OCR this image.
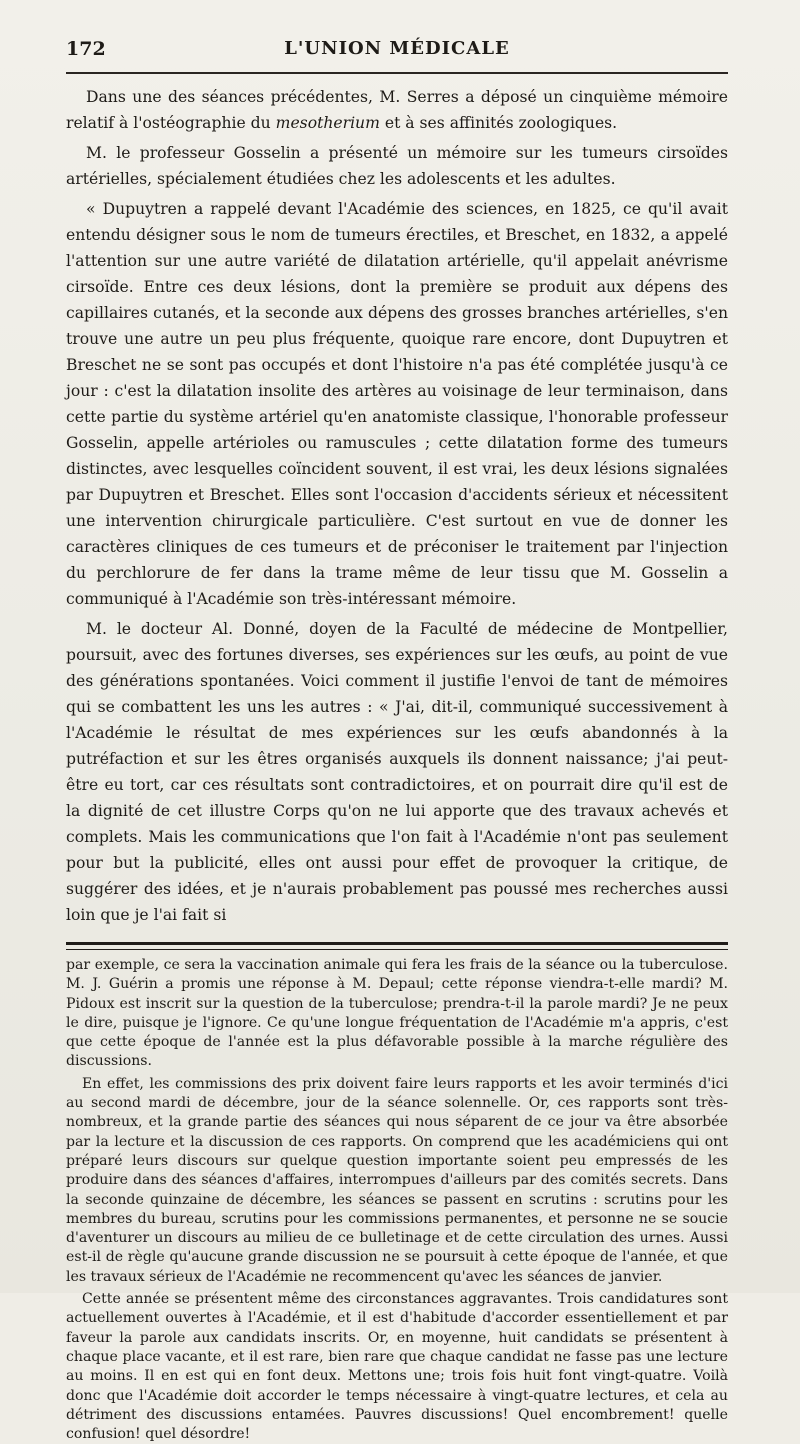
172	L'UNION MÉDICALE

Dans une des séances précédentes, M. Serres a déposé un cinquième mémoire relatif à l'ostéographie du mesotherium et à ses affinités zoologiques.

M. le professeur Gosselin a présenté un mémoire sur les tumeurs cirsoïdes artérielles, spécialement étudiées chez les adolescents et les adultes.

« Dupuytren a rappelé devant l'Académie des sciences, en 1825, ce qu'il avait entendu désigner sous le nom de tumeurs érectiles, et Breschet, en 1832, a appelé l'attention sur une autre variété de dilatation artérielle, qu'il appelait anévrisme cirsoïde. Entre ces deux lésions, dont la première se produit aux dépens des capillaires cutanés, et la seconde aux dépens des grosses branches artérielles, s'en trouve une autre un peu plus fréquente, quoique rare encore, dont Dupuytren et Breschet ne se sont pas occupés et dont l'histoire n'a pas été complétée jusqu'à ce jour : c'est la dilatation insolite des artères au voisinage de leur terminaison, dans cette partie du système artériel qu'en anatomiste classique, l'honorable professeur Gosselin, appelle artérioles ou ramuscules ; cette dilatation forme des tumeurs distinctes, avec lesquelles coïncident souvent, il est vrai, les deux lésions signalées par Dupuytren et Breschet. Elles sont l'occasion d'accidents sérieux et nécessitent une intervention chirurgicale particulière. C'est surtout en vue de donner les caractères cliniques de ces tumeurs et de préconiser le traitement par l'injection du perchlorure de fer dans la trame même de leur tissu que M. Gosselin a communiqué à l'Académie son très-intéressant mémoire.

M. le docteur Al. Donné, doyen de la Faculté de médecine de Montpellier, poursuit, avec des fortunes diverses, ses expériences sur les œufs, au point de vue des générations spontanées. Voici comment il justifie l'envoi de tant de mémoires qui se combattent les uns les autres : « J'ai, dit-il, communiqué successivement à l'Académie le résultat de mes expériences sur les œufs abandonnés à la putréfaction et sur les êtres organisés auxquels ils donnent naissance; j'ai peut-être eu tort, car ces résultats sont contradictoires, et on pourrait dire qu'il est de la dignité de cet illustre Corps qu'on ne lui apporte que des travaux achevés et complets. Mais les communications que l'on fait à l'Académie n'ont pas seulement pour but la publicité, elles ont aussi pour effet de provoquer la critique, de suggérer des idées, et je n'aurais probablement pas poussé mes recherches aussi loin que je l'ai fait si

par exemple, ce sera la vaccination animale qui fera les frais de la séance ou la tuberculose. M. J. Guérin a promis une réponse à M. Depaul; cette réponse viendra-t-elle mardi? M. Pidoux est inscrit sur la question de la tuberculose; prendra-t-il la parole mardi? Je ne peux le dire, puisque je l'ignore. Ce qu'une longue fréquentation de l'Académie m'a appris, c'est que cette époque de l'année est la plus défavorable possible à la marche régulière des discussions.

En effet, les commissions des prix doivent faire leurs rapports et les avoir terminés d'ici au second mardi de décembre, jour de la séance solennelle. Or, ces rapports sont très-nombreux, et la grande partie des séances qui nous séparent de ce jour va être absorbée par la lecture et la discussion de ces rapports. On comprend que les académiciens qui ont préparé leurs discours sur quelque question importante soient peu empressés de les produire dans des séances d'affaires, interrompues d'ailleurs par des comités secrets. Dans la seconde quinzaine de décembre, les séances se passent en scrutins : scrutins pour les membres du bureau, scrutins pour les commissions permanentes, et personne ne se soucie d'aventurer un discours au milieu de ce bulletinage et de cette circulation des urnes. Aussi est-il de règle qu'aucune grande discussion ne se poursuit à cette époque de l'année, et que les travaux sérieux de l'Académie ne recommencent qu'avec les séances de janvier.

Cette année se présentent même des circonstances aggravantes. Trois candidatures sont actuellement ouvertes à l'Académie, et il est d'habitude d'accorder essentiellement et par faveur la parole aux candidats inscrits. Or, en moyenne, huit candidats se présentent à chaque place vacante, et il est rare, bien rare que chaque candidat ne fasse pas une lecture au moins. Il en est qui en font deux. Mettons une; trois fois huit font vingt-quatre. Voilà donc que l'Académie doit accorder le temps nécessaire à vingt-quatre lectures, et cela au détriment des discussions entamées. Pauvres discussions! Quel encombrement! quelle confusion! quel désordre!
